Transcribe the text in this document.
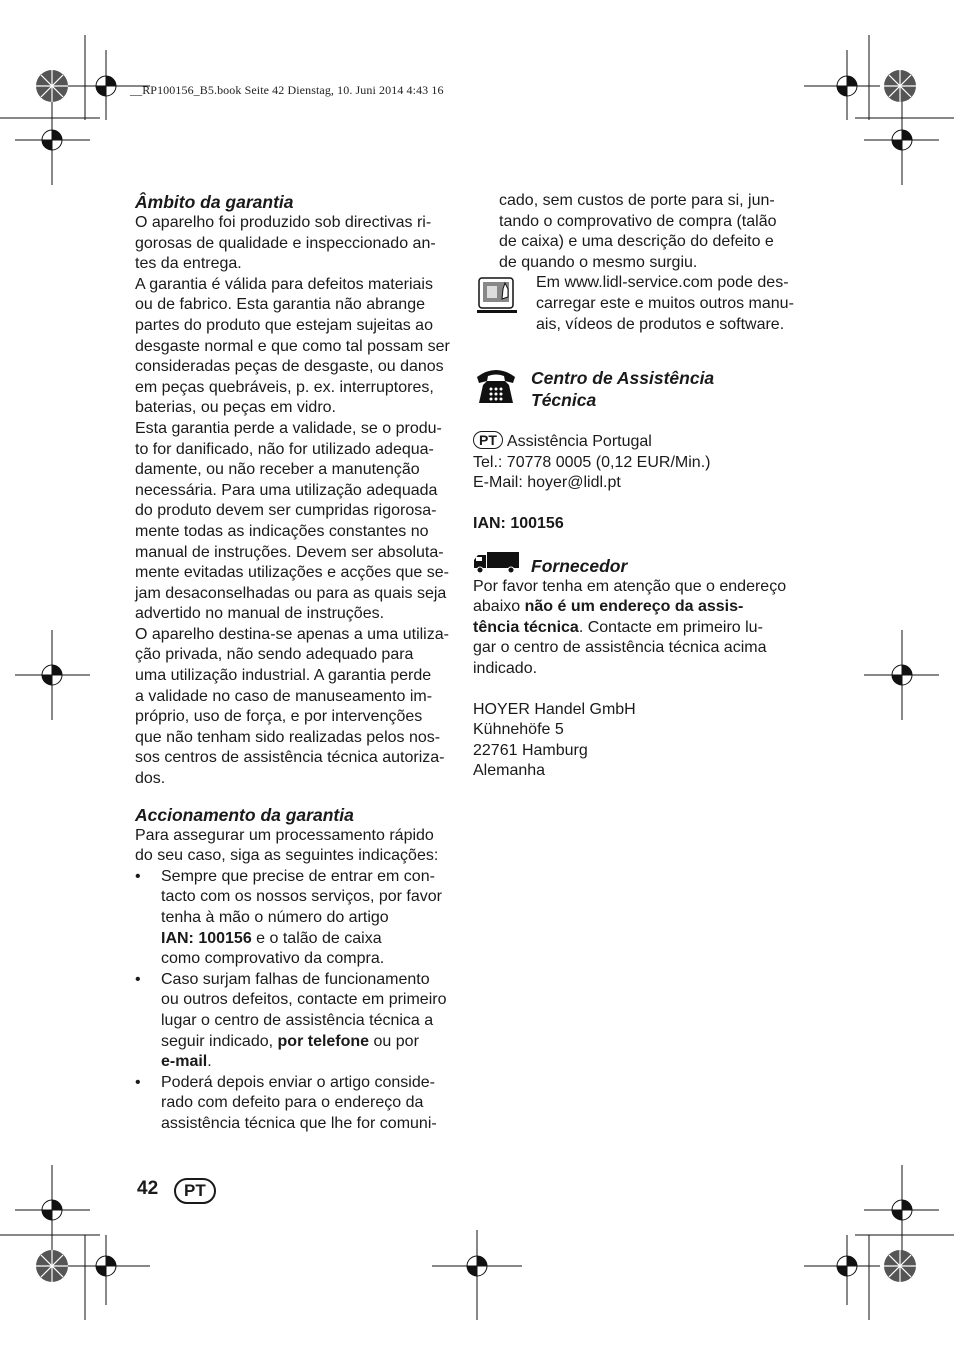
__RP100156_B5.book Seite 42 Dienstag, 10. Juni 2014 4:43 16
Âmbito da garantia

O aparelho foi produzido sob directivas ri-
gorosas de qualidade e inspeccionado an-
tes da entrega.
A garantia é válida para defeitos materiais
ou de fabrico. Esta garantia não abrange
partes do produto que estejam sujeitas ao
desgaste normal e que como tal possam ser
consideradas peças de desgaste, ou danos
em peças quebráveis, p. ex. interruptores,
baterias, ou peças em vidro.
Esta garantia perde a validade, se o produ-
to for danificado, não for utilizado adequa-
damente, ou não receber a manutenção
necessária. Para uma utilização adequada
do produto devem ser cumpridas rigorosa-
mente todas as indicações constantes no
manual de instruções. Devem ser absoluta-
mente evitadas utilizações e acções que se-
jam desaconselhadas ou para as quais seja
advertido no manual de instruções.
O aparelho destina-se apenas a uma utiliza-
ção privada, não sendo adequado para
uma utilização industrial. A garantia perde
a validade no caso de manuseamento im-
próprio, uso de força, e por intervenções
que não tenham sido realizadas pelos nos-
sos centros de assistência técnica autoriza-
dos.

Accionamento da garantia

Para assegurar um processamento rápido
do seu caso, siga as seguintes indicações:

• Sempre que precise de entrar em con-
tacto com os nossos serviços, por favor
tenha à mão o número do artigo
IAN: 100156 e o talão de caixa
como comprovativo da compra.
• Caso surjam falhas de funcionamento
ou outros defeitos, contacte em primeiro
lugar o centro de assistência técnica a
seguir indicado, por telefone ou por
e-mail.
• Poderá depois enviar o artigo conside-
rado com defeito para o endereço da
assistência técnica que lhe for comuni-

cado, sem custos de porte para si, jun-
tando o comprovativo de compra (talão
de caixa) e uma descrição do defeito e
de quando o mesmo surgiu.

Em www.lidl-service.com pode des-
carregar este e muitos outros manu-
ais, vídeos de produtos e software.

Centro de Assistência
Técnica
PT Assistência Portugal
Tel.: 70778 0005 (0,12 EUR/Min.)
E-Mail: hoyer@lidl.pt
IAN: 100156
Fornecedor

Por favor tenha em atenção que o endereço
abaixo não é um endereço da assis-
tência técnica. Contacte em primeiro lu-
gar o centro de assistência técnica acima
indicado.

HOYER Handel GmbH
Kühnehöfe 5
22761 Hamburg
Alemanha

42	PT
